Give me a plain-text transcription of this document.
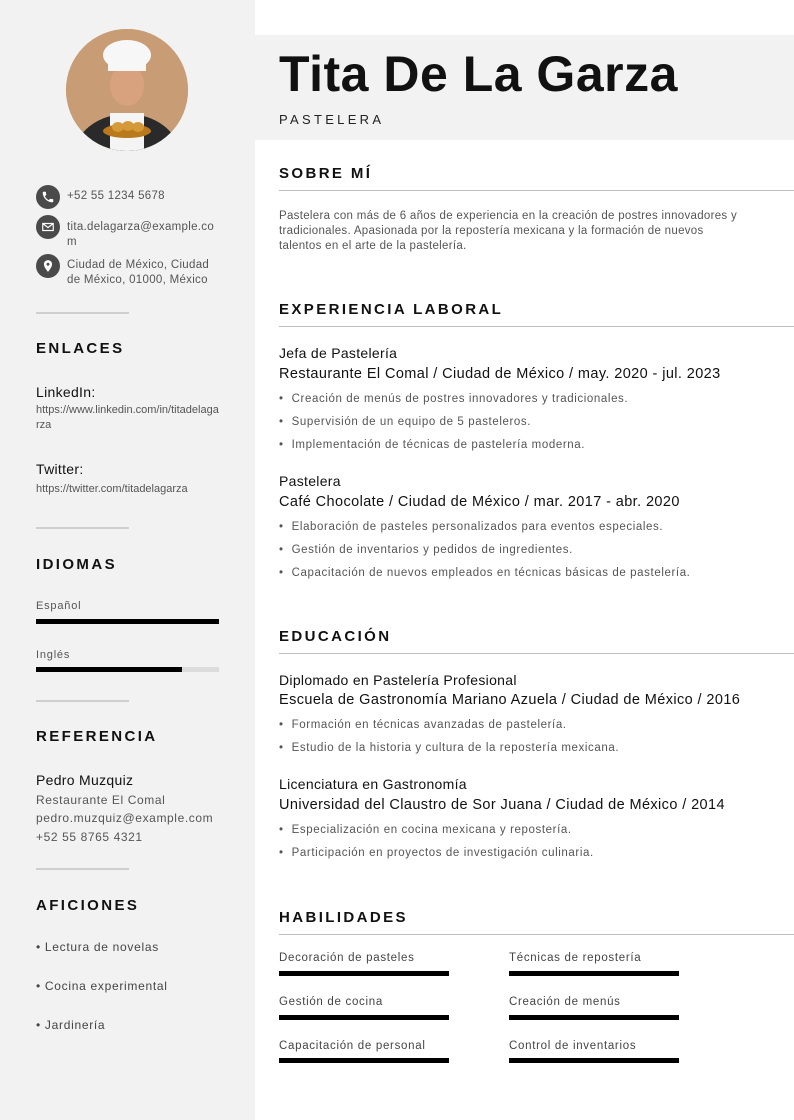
+52 55 1234 5678
tita.delagarza@example.com
Ciudad de México, Ciudad de México, 01000, México
ENLACES
LinkedIn:
https://www.linkedin.com/in/titadelagarza
Twitter:
https://twitter.com/titadelagarza
IDIOMAS
Español
Inglés
REFERENCIA
Pedro Muzquiz
Restaurante El Comal
pedro.muzquiz@example.com
+52 55 8765 4321
AFICIONES
• Lectura de novelas
• Cocina experimental
• Jardinería
Tita De La Garza
PASTELERA
SOBRE MÍ
Pastelera con más de 6 años de experiencia en la creación de postres innovadores y tradicionales. Apasionada por la repostería mexicana y la formación de nuevos talentos en el arte de la pastelería.
EXPERIENCIA LABORAL
Jefa de Pastelería
Restaurante El Comal / Ciudad de México / may. 2020 - jul. 2023
• Creación de menús de postres innovadores y tradicionales.
• Supervisión de un equipo de 5 pasteleros.
• Implementación de técnicas de pastelería moderna.
Pastelera
Café Chocolate / Ciudad de México / mar. 2017 - abr. 2020
• Elaboración de pasteles personalizados para eventos especiales.
• Gestión de inventarios y pedidos de ingredientes.
• Capacitación de nuevos empleados en técnicas básicas de pastelería.
EDUCACIÓN
Diplomado en Pastelería Profesional
Escuela de Gastronomía Mariano Azuela / Ciudad de México / 2016
• Formación en técnicas avanzadas de pastelería.
• Estudio de la historia y cultura de la repostería mexicana.
Licenciatura en Gastronomía
Universidad del Claustro de Sor Juana / Ciudad de México / 2014
• Especialización en cocina mexicana y repostería.
• Participación en proyectos de investigación culinaria.
HABILIDADES
Decoración de pasteles	Técnicas de repostería
Gestión de cocina	Creación de menús
Capacitación de personal	Control de inventarios
